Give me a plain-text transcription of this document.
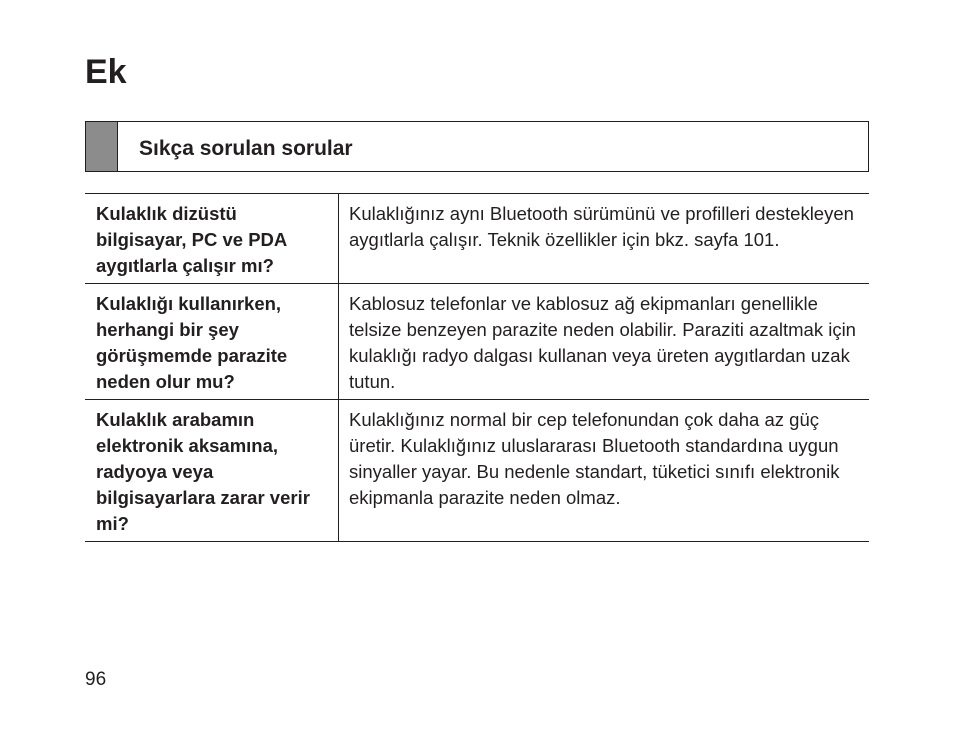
Ek
Sıkça sorulan sorular
Kulaklık dizüstü bilgisayar, PC ve PDA aygıtlarla çalışır mı?	Kulaklığınız aynı Bluetooth sürümünü ve profilleri destekleyen aygıtlarla çalışır. Teknik özellikler için bkz. sayfa 101.
Kulaklığı kullanırken, herhangi bir şey görüşmemde parazite neden olur mu?	Kablosuz telefonlar ve kablosuz ağ ekipmanları genellikle telsize benzeyen parazite neden olabilir. Paraziti azaltmak için kulaklığı radyo dalgası kullanan veya üreten aygıtlardan uzak tutun.
Kulaklık arabamın elektronik aksamına, radyoya veya bilgisayarlara zarar verir mi?	Kulaklığınız normal bir cep telefonundan çok daha az güç üretir. Kulaklığınız uluslararası Bluetooth standardına uygun sinyaller yayar. Bu nedenle standart, tüketici sınıfı elektronik ekipmanla parazite neden olmaz.
96
